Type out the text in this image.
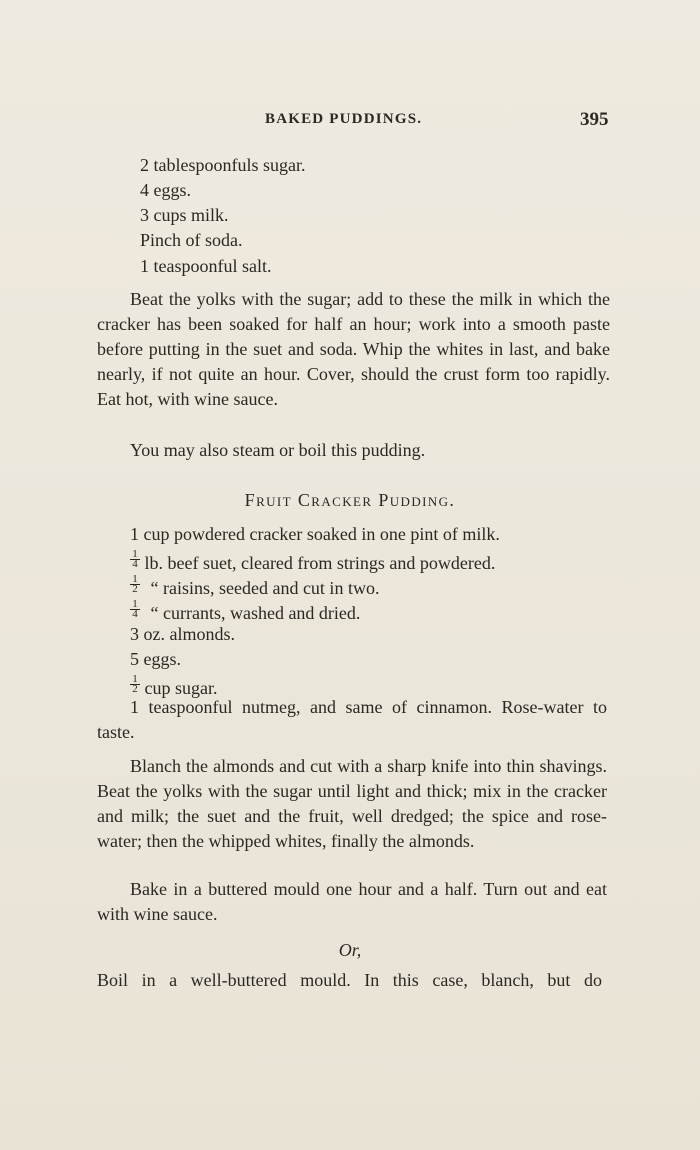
BAKED PUDDINGS.	395
2 tablespoonfuls sugar.
4 eggs.
3 cups milk.
Pinch of soda.
1 teaspoonful salt.
Beat the yolks with the sugar; add to these the milk in which the cracker has been soaked for half an hour; work into a smooth paste before putting in the suet and soda. Whip the whites in last, and bake nearly, if not quite an hour. Cover, should the crust form too rapidly. Eat hot, with wine sauce.
You may also steam or boil this pudding.
Fruit Cracker Pudding.
1 cup powdered cracker soaked in one pint of milk.
$\frac{1}{4}$ lb. beef suet, cleared from strings and powdered.
$\frac{1}{2}$ “ raisins, seeded and cut in two.
$\frac{1}{4}$ “ currants, washed and dried.
3 oz. almonds.
5 eggs.
$\frac{1}{2}$ cup sugar.
1 teaspoonful nutmeg, and same of cinnamon. Rose-water to taste.
Blanch the almonds and cut with a sharp knife into thin shavings. Beat the yolks with the sugar until light and thick; mix in the cracker and milk; the suet and the fruit, well dredged; the spice and rose-water; then the whipped whites, finally the almonds.
Bake in a buttered mould one hour and a half. Turn out and eat with wine sauce.
Or,
Boil in a well-buttered mould. In this case, blanch, but do
